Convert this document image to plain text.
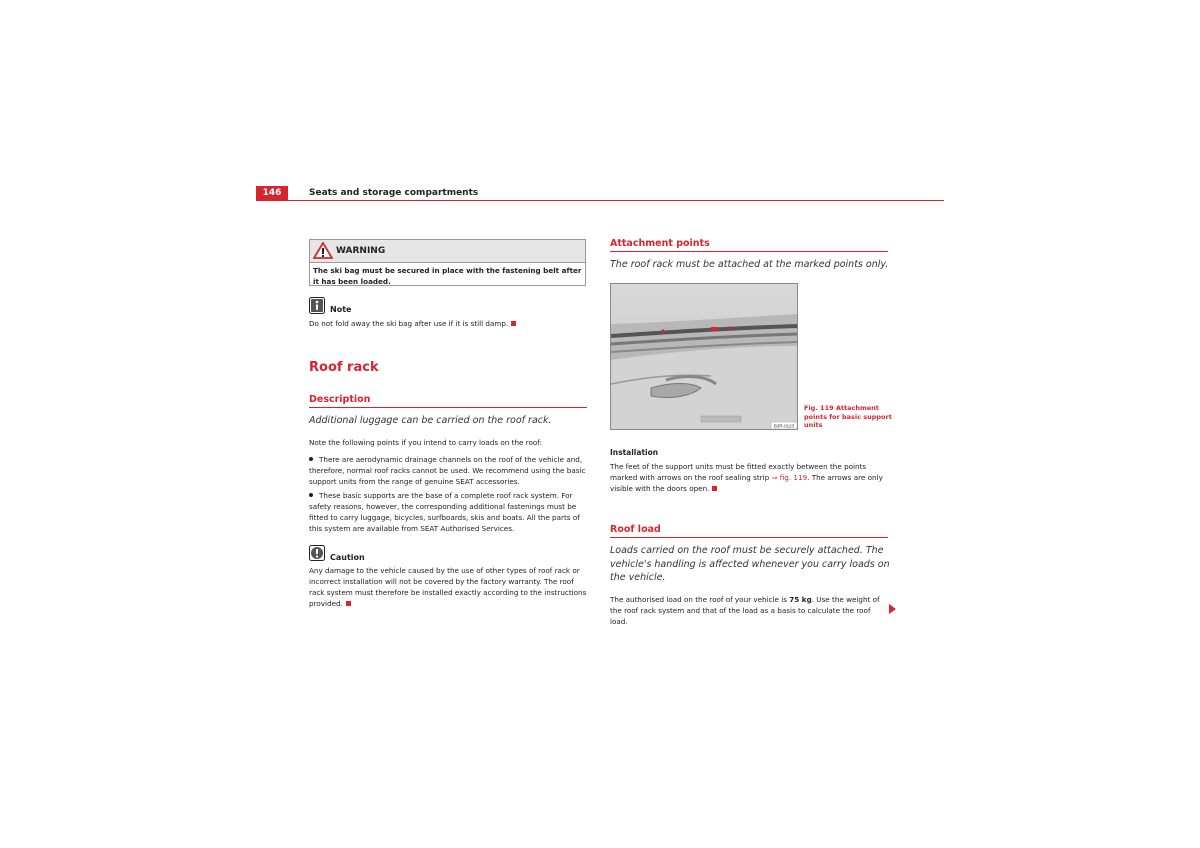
146	Seats and storage compartments
WARNING
The ski bag must be secured in place with the fastening belt after it has been loaded.
Note
Do not fold away the ski bag after use if it is still damp.
Roof rack
Description
Additional luggage can be carried on the roof rack.
Note the following points if you intend to carry loads on the roof:
There are aerodynamic drainage channels on the roof of the vehicle and, therefore, normal roof racks cannot be used. We recommend using the basic support units from the range of genuine SEAT accessories.
These basic supports are the base of a complete roof rack system. For safety reasons, however, the corresponding additional fastenings must be fitted to carry luggage, bicycles, surfboards, skis and boats. All the parts of this system are available from SEAT Authorised Services.
Caution
Any damage to the vehicle caused by the use of other types of roof rack or incorrect installation will not be covered by the factory warranty. The roof rack system must therefore be installed exactly according to the instructions provided.
Attachment points
The roof rack must be attached at the marked points only.
B3R-0123
Fig. 119 Attachment points for basic support units
Installation
The feet of the support units must be fitted exactly between the points marked with arrows on the roof sealing strip ⇒ fig. 119. The arrows are only visible with the doors open.
Roof load
Loads carried on the roof must be securely attached. The vehicle's handling is affected whenever you carry loads on the vehicle.
The authorised load on the roof of your vehicle is 75 kg. Use the weight of the roof rack system and that of the load as a basis to calculate the roof load.
